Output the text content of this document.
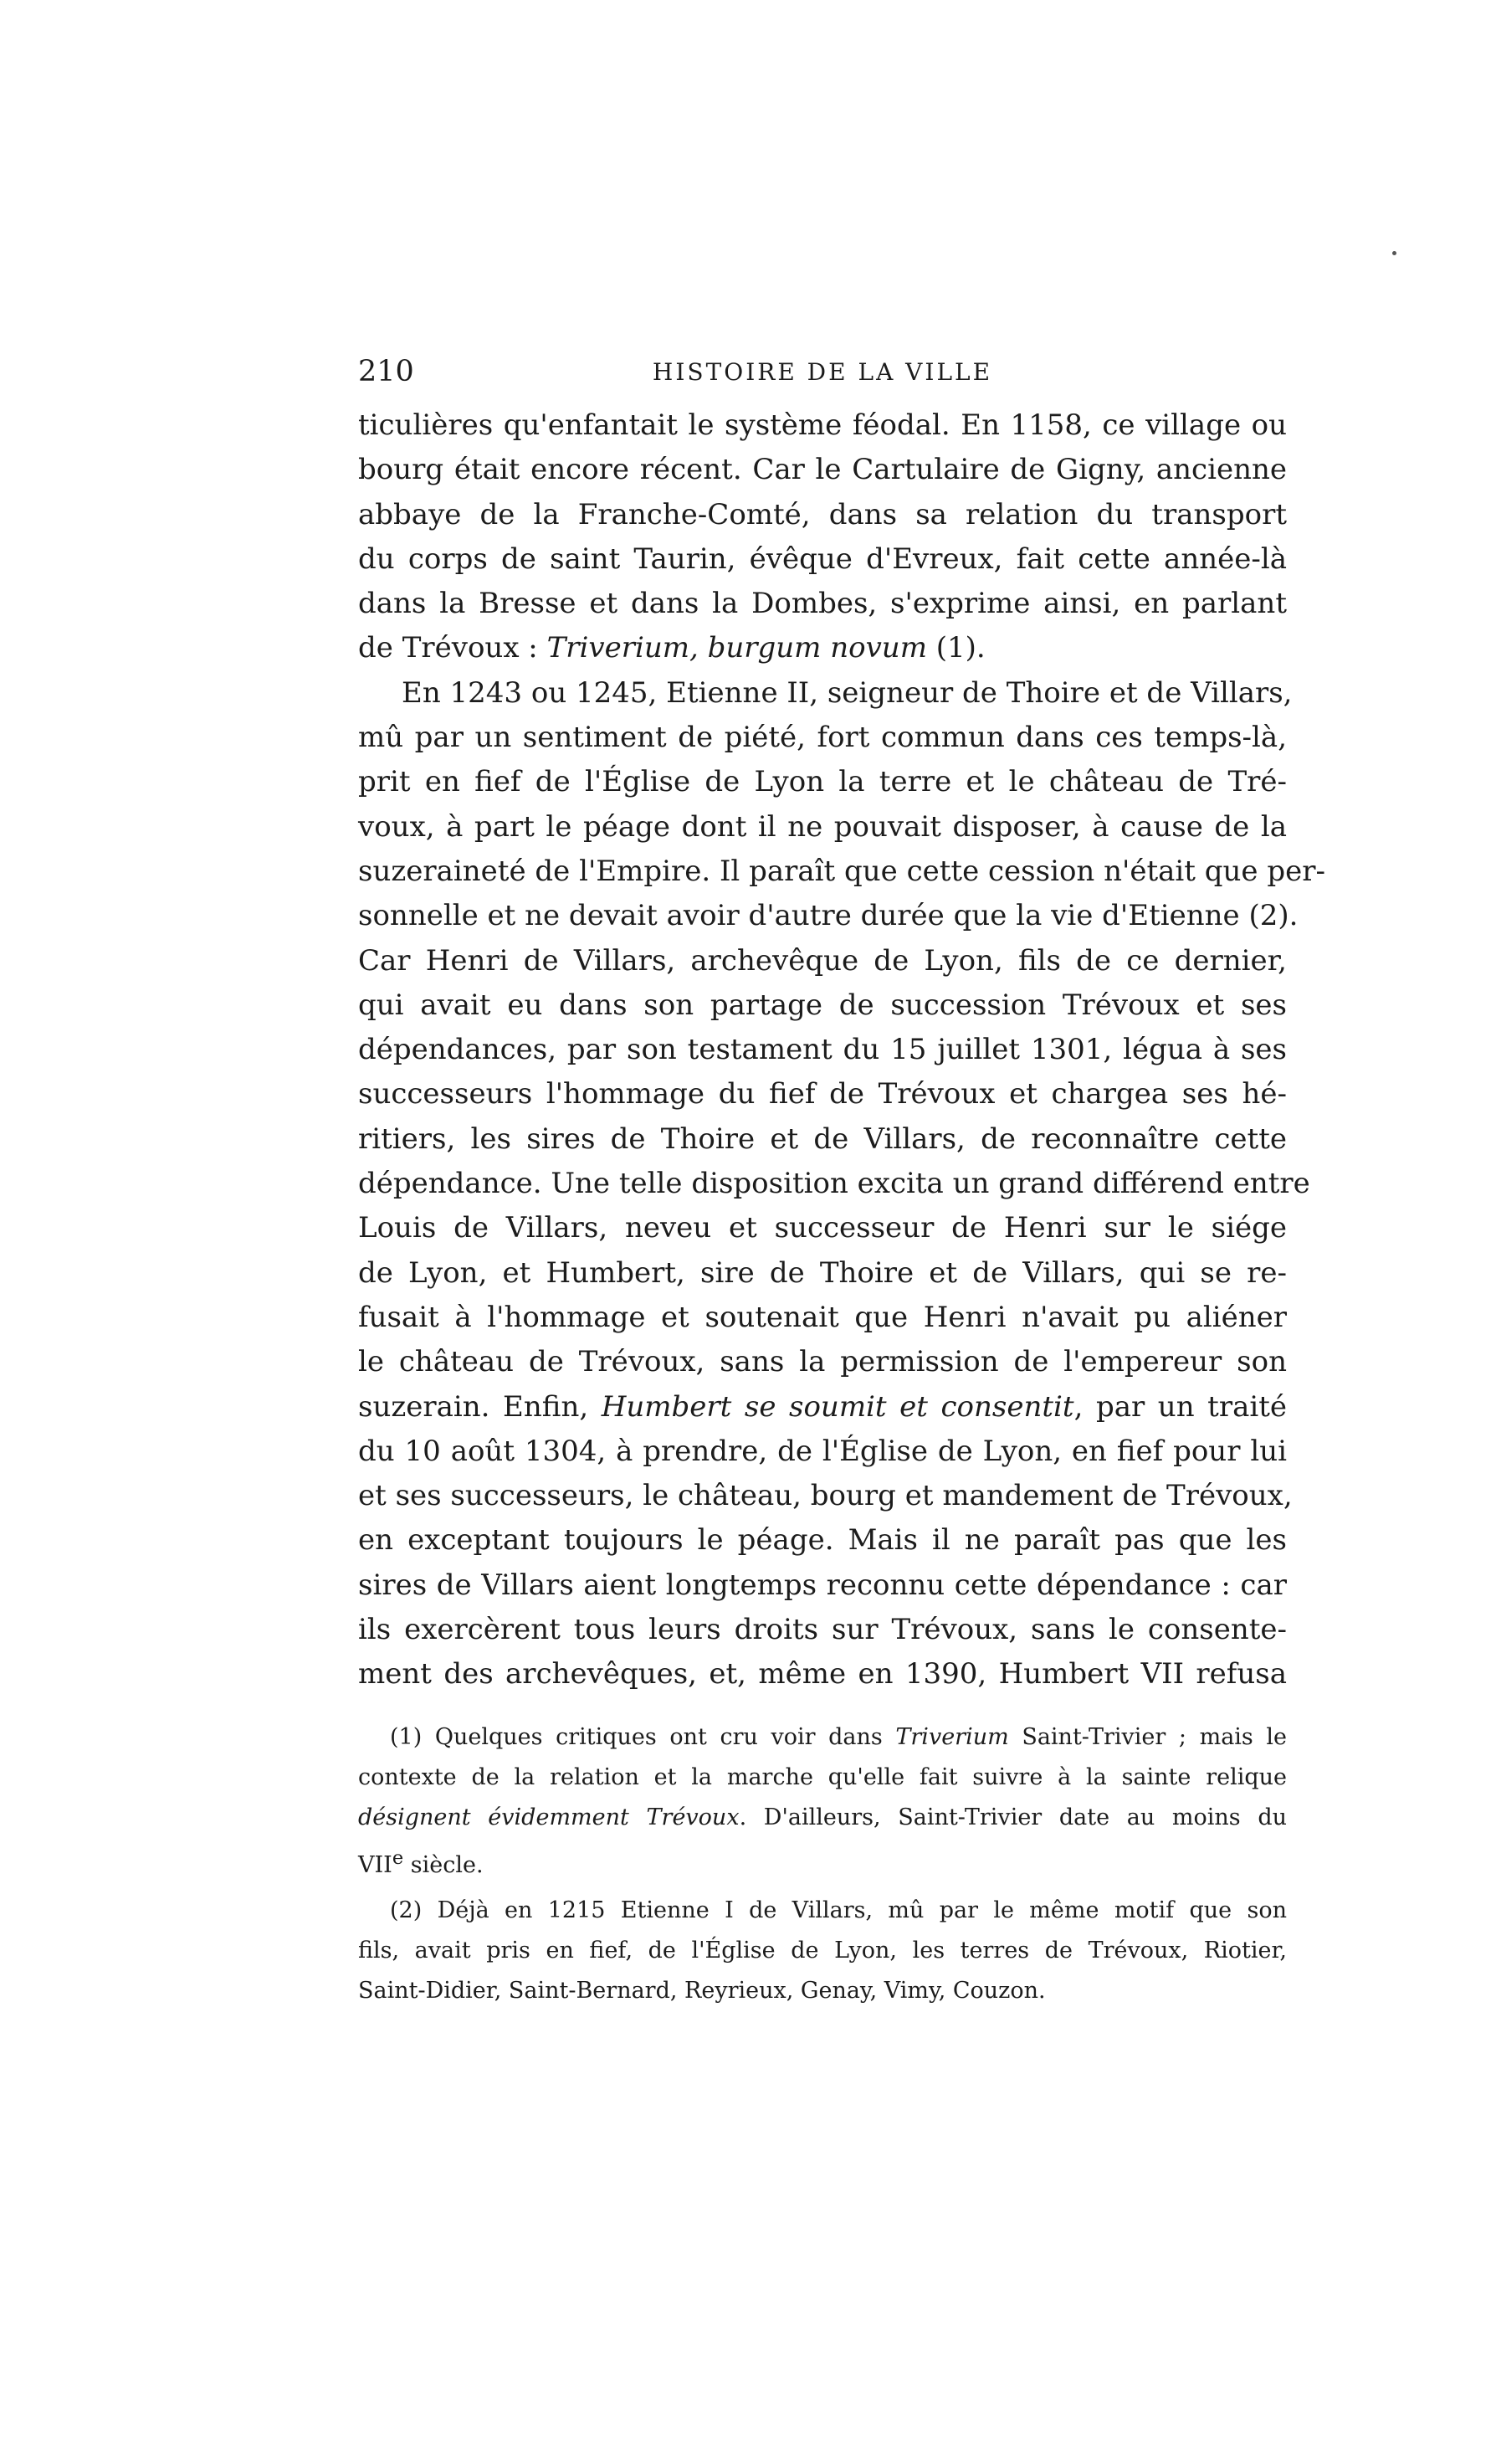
210	HISTOIRE DE LA VILLE
ticulières qu'enfantait le système féodal. En 1158, ce village ou
bourg était encore récent. Car le Cartulaire de Gigny, ancienne
abbaye de la Franche-Comté, dans sa relation du transport
du corps de saint Taurin, évêque d'Evreux, fait cette année-là
dans la Bresse et dans la Dombes, s'exprime ainsi, en parlant
de Trévoux : Triverium, burgum novum (1).
En 1243 ou 1245, Etienne II, seigneur de Thoire et de Villars,
mû par un sentiment de piété, fort commun dans ces temps-là,
prit en fief de l'Église de Lyon la terre et le château de Tré-
voux, à part le péage dont il ne pouvait disposer, à cause de la
suzeraineté de l'Empire. Il paraît que cette cession n'était que per-
sonnelle et ne devait avoir d'autre durée que la vie d'Etienne (2).
Car Henri de Villars, archevêque de Lyon, fils de ce dernier,
qui avait eu dans son partage de succession Trévoux et ses
dépendances, par son testament du 15 juillet 1301, légua à ses
successeurs l'hommage du fief de Trévoux et chargea ses hé-
ritiers, les sires de Thoire et de Villars, de reconnaître cette
dépendance. Une telle disposition excita un grand différend entre
Louis de Villars, neveu et successeur de Henri sur le siége
de Lyon, et Humbert, sire de Thoire et de Villars, qui se re-
fusait à l'hommage et soutenait que Henri n'avait pu aliéner
le château de Trévoux, sans la permission de l'empereur son
suzerain. Enfin, Humbert se soumit et consentit, par un traité
du 10 août 1304, à prendre, de l'Église de Lyon, en fief pour lui
et ses successeurs, le château, bourg et mandement de Trévoux,
en exceptant toujours le péage. Mais il ne paraît pas que les
sires de Villars aient longtemps reconnu cette dépendance : car
ils exercèrent tous leurs droits sur Trévoux, sans le consente-
ment des archevêques, et, même en 1390, Humbert VII refusa
(1) Quelques critiques ont cru voir dans Triverium Saint-Trivier ; mais le
contexte de la relation et la marche qu'elle fait suivre à la sainte relique
désignent évidemment Trévoux. D'ailleurs, Saint-Trivier date au moins du
VIIe siècle.
(2) Déjà en 1215 Etienne I de Villars, mû par le même motif que son
fils, avait pris en fief, de l'Église de Lyon, les terres de Trévoux, Riotier,
Saint-Didier, Saint-Bernard, Reyrieux, Genay, Vimy, Couzon.
